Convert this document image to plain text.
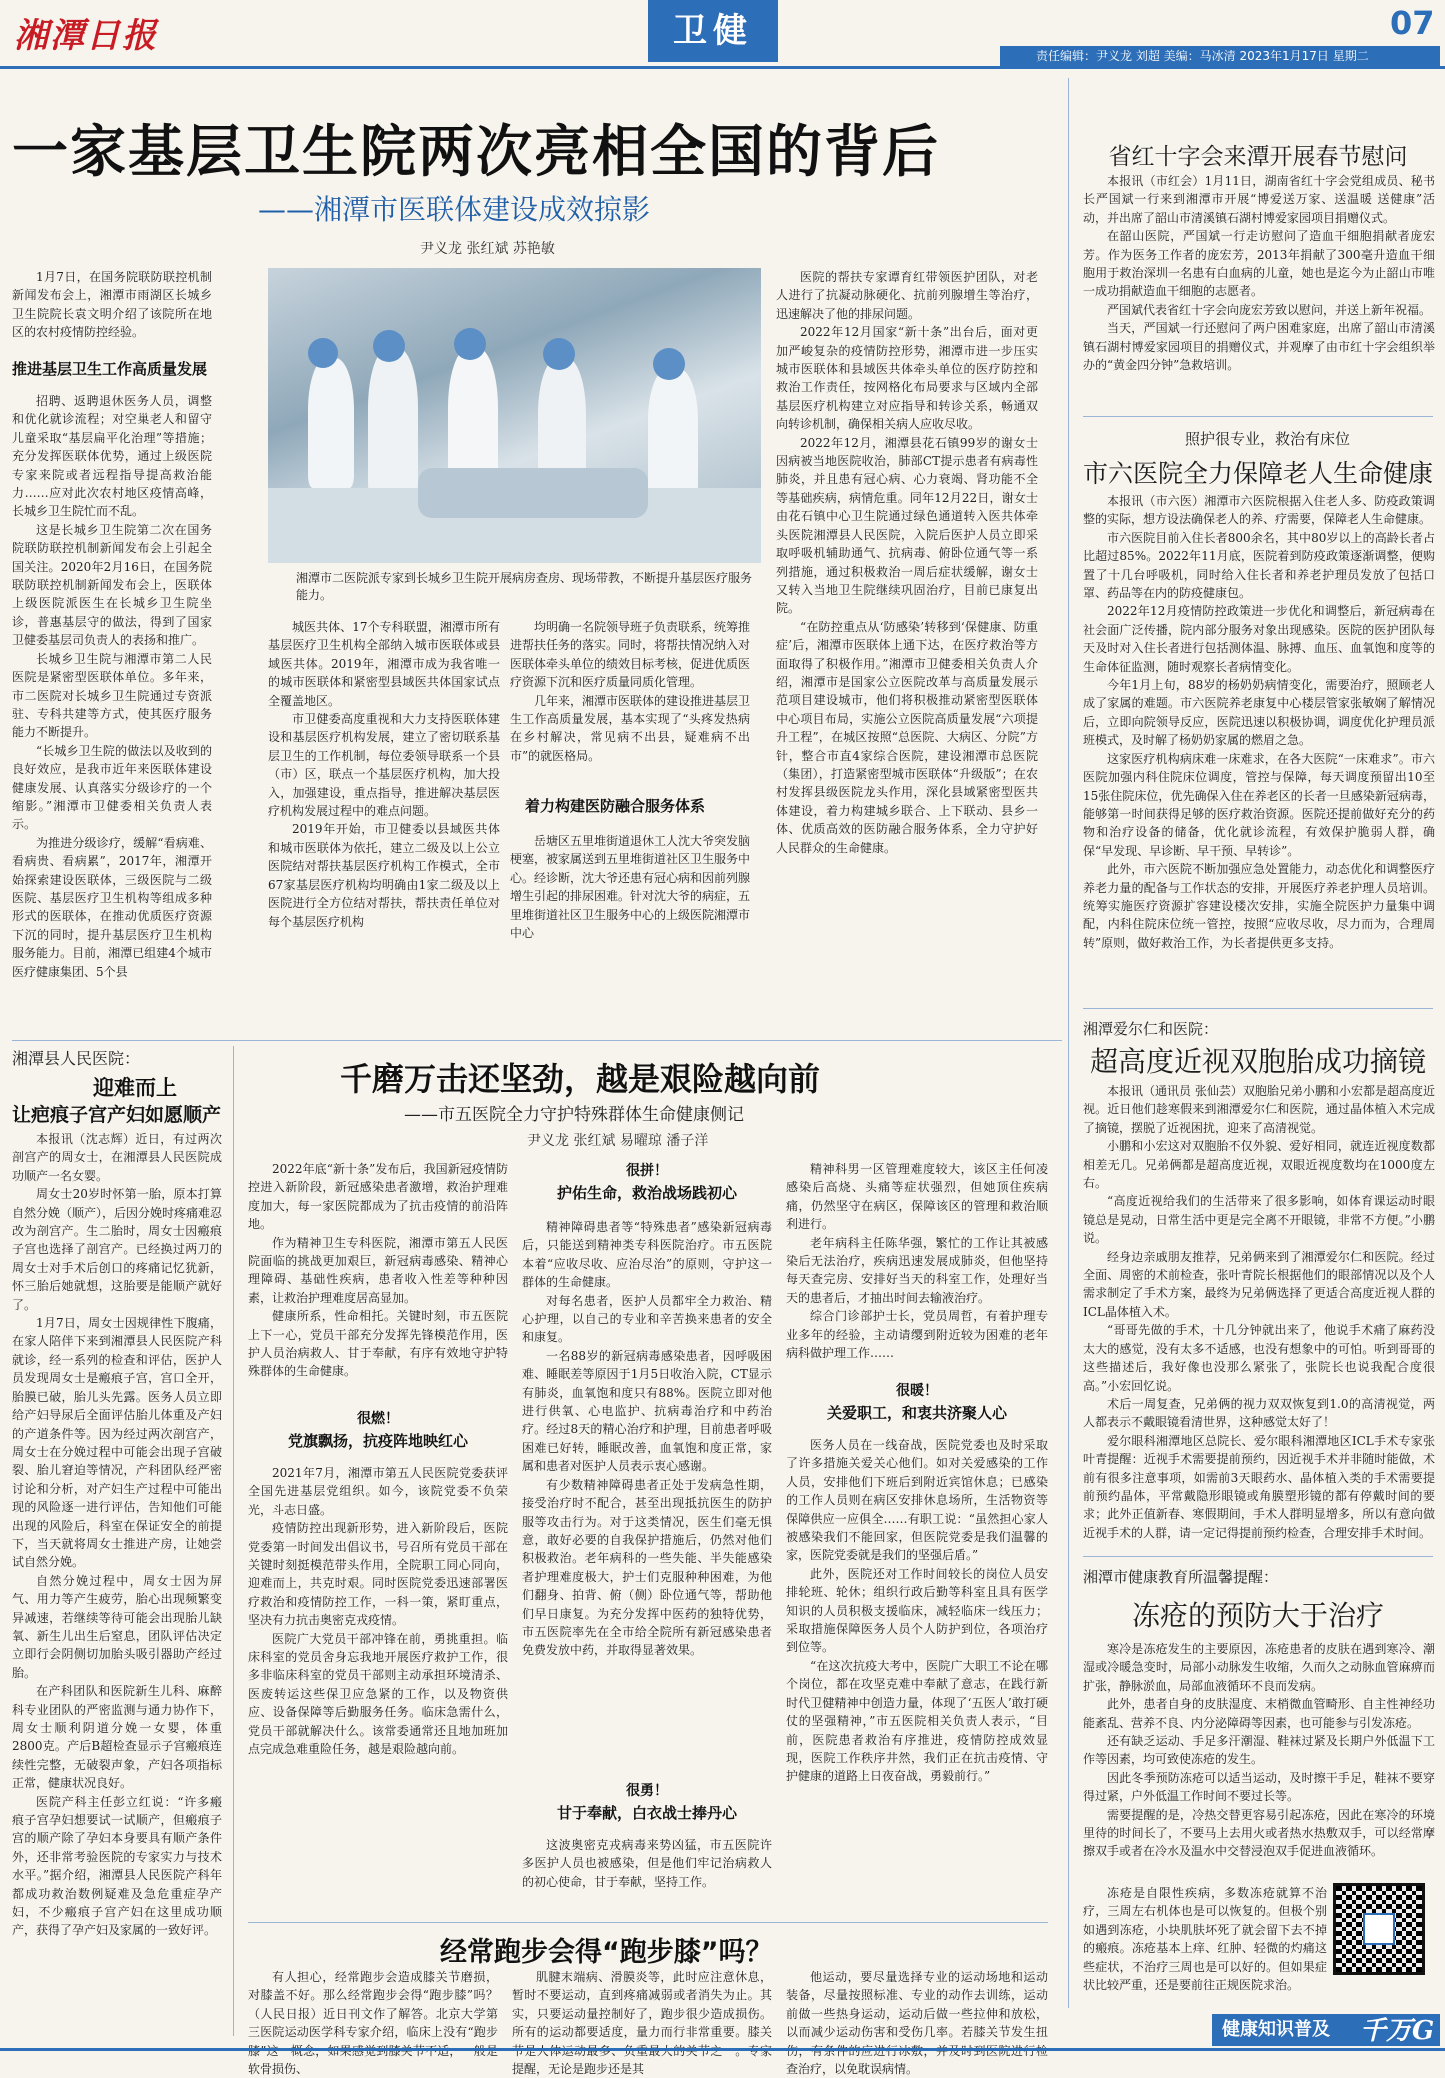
湘潭日报	卫健	07
责任编辑：尹义龙 刘超 美编：马冰清 2023年1月17日 星期二
一家基层卫生院两次亮相全国的背后
——湘潭市医联体建设成效掠影
尹义龙 张红斌 苏艳敏

1月7日，在国务院联防联控机制新闻发布会上，湘潭市雨湖区长城乡卫生院院长袁文明介绍了该院所在地区的农村疫情防控经验。

推进基层卫生工作高质量发展

招聘、返聘退休医务人员，调整和优化就诊流程；对空巢老人和留守儿童采取“基层扁平化治理”等措施；充分发挥医联体优势，通过上级医院专家来院或者远程指导提高救治能力……应对此次农村地区疫情高峰，长城乡卫生院忙而不乱。

这是长城乡卫生院第二次在国务院联防联控机制新闻发布会上引起全国关注。2020年2月16日，在国务院联防联控机制新闻发布会上，医联体上级医院派医生在长城乡卫生院坐诊，普惠基层守的做法，得到了国家卫健委基层司负责人的表扬和推广。

长城乡卫生院与湘潭市第二人民医院是紧密型医联体单位。多年来，市二医院对长城乡卫生院通过专资派驻、专科共建等方式，使其医疗服务能力不断提升。

“长城乡卫生院的做法以及收到的良好效应，是我市近年来医联体建设健康发展、认真落实分级诊疗的一个缩影。”湘潭市卫健委相关负责人表示。

为推进分级诊疗，缓解“看病难、看病贵、看病累”，2017年，湘潭开始探索建设医联体，三级医院与二级医院、基层医疗卫生机构等组成多种形式的医联体，在推动优质医疗资源下沉的同时，提升基层医疗卫生机构服务能力。目前，湘潭已组建4个城市医疗健康集团、5个县

湘潭市二医院派专家到长城乡卫生院开展病房查房、现场带教，不断提升基层医疗服务能力。

城医共体、17个专科联盟，湘潭市所有基层医疗卫生机构全部纳入城市医联体或县域医共体。2019年，湘潭市成为我省唯一的城市医联体和紧密型县域医共体国家试点全覆盖地区。

市卫健委高度重视和大力支持医联体建设和基层医疗机构发展，建立了密切联系基层卫生的工作机制，每位委领导联系一个县（市）区，联点一个基层医疗机构，加大投入，加强建设，重点指导，推进解决基层医疗机构发展过程中的难点问题。

2019年开始，市卫健委以县域医共体和城市医联体为依托，建立二级及以上公立医院结对帮扶基层医疗机构工作模式，全市67家基层医疗机构均明确由1家二级及以上医院进行全方位结对帮扶，帮扶责任单位对每个基层医疗机构

均明确一名院领导班子负责联系，统筹推进帮扶任务的落实。同时，将帮扶情况纳入对医联体牵头单位的绩效目标考核，促进优质医疗资源下沉和医疗质量同质化管理。

几年来，湘潭市医联体的建设推进基层卫生工作高质量发展，基本实现了“头疼发热病在乡村解决，常见病不出县，疑难病不出市”的就医格局。

着力构建医防融合服务体系

岳塘区五里堆街道退休工人沈大爷突发脑梗塞，被家属送到五里堆街道社区卫生服务中心。经诊断，沈大爷还患有冠心病和因前列腺增生引起的排尿困难。针对沈大爷的病症，五里堆街道社区卫生服务中心的上级医院湘潭市中心

医院的帮扶专家谭育红带领医护团队，对老人进行了抗凝动脉硬化、抗前列腺增生等治疗，迅速解决了他的排尿问题。

2022年12月国家“新十条”出台后，面对更加严峻复杂的疫情防控形势，湘潭市进一步压实城市医联体和县域医共体牵头单位的医疗防控和救治工作责任，按网格化布局要求与区域内全部基层医疗机构建立对应指导和转诊关系，畅通双向转诊机制，确保相关病人应收尽收。

2022年12月，湘潭县花石镇99岁的谢女士因病被当地医院收治，肺部CT提示患者有病毒性肺炎，并且患有冠心病、心力衰竭、肾功能不全等基础疾病，病情危重。同年12月22日，谢女士由花石镇中心卫生院通过绿色通道转入医共体牵头医院湘潭县人民医院，入院后医护人员立即采取呼吸机辅助通气、抗病毒、俯卧位通气等一系列措施，通过积极救治一周后症状缓解，谢女士又转入当地卫生院继续巩固治疗，目前已康复出院。

“在防控重点从‘防感染’转移到‘保健康、防重症’后，湘潭市医联体上通下达，在医疗救治等方面取得了积极作用。”湘潭市卫健委相关负责人介绍，湘潭市是国家公立医院改革与高质量发展示范项目建设城市，他们将积极推动紧密型医联体中心项目布局，实施公立医院高质量发展“六项提升工程”，在城区按照“总医院、大病区、分院”方针，整合市直4家综合医院，建设湘潭市总医院（集团），打造紧密型城市医联体“升级版”；在农村发挥县级医院龙头作用，深化县域紧密型医共体建设，着力构建城乡联合、上下联动、县乡一体、优质高效的医防融合服务体系，全力守护好人民群众的生命健康。

省红十字会来潭开展春节慰问

本报讯（市红会）1月11日，湖南省红十字会党组成员、秘书长严国斌一行来到湘潭市开展“博爱送万家、送温暖 送健康”活动，并出席了韶山市清溪镇石湖村博爱家园项目捐赠仪式。

在韶山医院，严国斌一行走访慰问了造血干细胞捐献者庞宏芳。作为医务工作者的庞宏芳，2013年捐献了300毫升造血干细胞用于救治深圳一名患有白血病的儿童，她也是迄今为止韶山市唯一成功捐献造血干细胞的志愿者。

严国斌代表省红十字会向庞宏芳致以慰问，并送上新年祝福。

当天，严国斌一行还慰问了两户困难家庭，出席了韶山市清溪镇石湖村博爱家园项目的捐赠仪式，并观摩了由市红十字会组织举办的“黄金四分钟”急救培训。

照护很专业，救治有床位
市六医院全力保障老人生命健康

本报讯（市六医）湘潭市六医院根据入住老人多、防疫政策调整的实际，想方设法确保老人的养、疗需要，保障老人生命健康。

市六医院目前入住长者800余名，其中80岁以上的高龄长者占比超过85%。2022年11月底，医院着到防疫政策逐渐调整，便购置了十几台呼吸机，同时给入住长者和养老护理员发放了包括口罩、药品等在内的防疫健康包。

2022年12月疫情防控政策进一步优化和调整后，新冠病毒在社会面广泛传播，院内部分服务对象出现感染。医院的医护团队每天及时对入住长者进行包括测体温、脉搏、血压、血氧饱和度等的生命体征监测，随时观察长者病情变化。

今年1月上旬，88岁的杨奶奶病情变化，需要治疗，照顾老人成了家属的难题。市六医院养老康复中心楼层管家张敏娴了解情况后，立即向院领导反应，医院迅速以积极协调，调度优化护理员派班模式，及时解了杨奶奶家属的燃眉之急。

这家医疗机构病床难一床难求，在各大医院“一床难求”。市六医院加强内科住院床位调度，管控与保障，每天调度预留出10至15张住院床位，优先确保入住在养老区的长者一旦感染新冠病毒，能够第一时间获得足够的医疗救治资源。医院还提前做好充分的药物和治疗设备的储备，优化就诊流程，有效保护脆弱人群，确保“早发现、早诊断、早干预、早转诊”。

此外，市六医院不断加强应急处置能力，动态优化和调整医疗养老力量的配备与工作状态的安排，开展医疗养老护理人员培训。统筹实施医疗资源扩容建设楼次安排，实施全院医护力量集中调配，内科住院床位统一管控，按照“应收尽收，尽力而为，合理周转”原则，做好救治工作，为长者提供更多支持。

湘潭爱尔仁和医院：
超高度近视双胞胎成功摘镜

本报讯（通讯员 张仙芸）双胞胎兄弟小鹏和小宏都是超高度近视。近日他们趁寒假来到湘潭爱尔仁和医院，通过晶体植入术完成了摘镜，摆脱了近视困扰，迎来了高清视觉。

小鹏和小宏这对双胞胎不仅外貌、爱好相同，就连近视度数都相差无几。兄弟俩都是超高度近视，双眼近视度数均在1000度左右。

“高度近视给我们的生活带来了很多影响，如体育课运动时眼镜总是晃动，日常生活中更是完全离不开眼镜，非常不方便。”小鹏说。

经身边亲戚朋友推荐，兄弟俩来到了湘潭爱尔仁和医院。经过全面、周密的术前检查，张叶青院长根据他们的眼部情况以及个人需求制定了手术方案，最终为兄弟俩选择了更适合高度近视人群的ICL晶体植入术。

“哥哥先做的手术，十几分钟就出来了，他说手术痛了麻药没太大的感觉，没有太多不适感，也没有想象中的可怕。听到哥哥的这些描述后，我好像也没那么紧张了，张院长也说我配合度很高。”小宏回忆说。

术后一周复查，兄弟俩的视力双双恢复到1.0的高清视觉，两人都表示不戴眼镜看清世界，这种感觉太好了！

爱尔眼科湘潭地区总院长、爱尔眼科湘潭地区ICL手术专家张叶青提醒：近视手术需要提前预约，因近视手术并非随时能做，术前有很多注意事项，如需前3天眼药水、晶体植入类的手术需要提前预约晶体，平常戴隐形眼镜或角膜塑形镜的都有停戴时间的要求；此外正值新春、寒假期间，手术人群明显增多，所以有意向做近视手术的人群，请一定记得提前预约检查，合理安排手术时间。

湘潭市健康教育所温馨提醒：
冻疮的预防大于治疗

寒冷是冻疮发生的主要原因，冻疮患者的皮肤在遇到寒冷、潮湿或冷暖急变时，局部小动脉发生收缩，久而久之动脉血管麻痹而扩张，静脉淤血，局部血液循环不良而发病。

此外，患者自身的皮肤湿度、末梢微血管畸形、自主性神经功能紊乱、营养不良、内分泌障碍等因素，也可能参与引发冻疮。

还有缺乏运动、手足多汗潮湿、鞋袜过紧及长期户外低温下工作等因素，均可致使冻疮的发生。

因此冬季预防冻疮可以适当运动，及时擦干手足，鞋袜不要穿得过紧，户外低温工作时间不要过长等。

需要提醒的是，冷热交替更容易引起冻疮，因此在寒冷的环境里待的时间长了，不要马上去用火或者热水热敷双手，可以经常摩擦双手或者在冷水及温水中交替浸泡双手促进血液循环。

冻疮是自限性疾病，多数冻疮就算不治疗，三周左右机体也是可以恢复的。但极个别如遇到冻疮，小块肌肤坏死了就会留下去不掉的瘢痕。冻疮基本上痒、红肿、轻微的灼痛这些症状，不治疗三周也是可以好的。但如果症状比较严重，还是要前往正规医院求治。

湘潭县人民医院：
迎难而上
让疤痕子宫产妇如愿顺产

本报讯（沈志辉）近日，有过两次剖宫产的周女士，在湘潭县人民医院成功顺产一名女婴。

周女士20岁时怀第一胎，原本打算自然分娩（顺产），后因分娩时疼痛难忍改为剖宫产。生二胎时，周女士因瘢痕子宫也选择了剖宫产。已经换过两刀的周女士对手术后创口的疼痛记忆犹新，怀三胎后她就想，这胎要是能顺产就好了。

1月7日，周女士因规律性下腹痛，在家人陪伴下来到湘潭县人民医院产科就诊，经一系列的检查和评估，医护人员发现周女士是瘢痕子宫，宫口全开，胎膜已破，胎儿头先露。医务人员立即给产妇导尿后全面评估胎儿体重及产妇的产道条件等。因为经过两次剖宫产，周女士在分娩过程中可能会出现子宫破裂、胎儿窘迫等情况，产科团队经严密讨论和分析，对产妇生产过程中可能出现的风险逐一进行评估，告知他们可能出现的风险后，科室在保证安全的前提下，当天就将周女士推进产房，让她尝试自然分娩。

自然分娩过程中，周女士因为屏气、用力等产生疲劳，胎心出现频繁变异减速，若继续等待可能会出现胎儿缺氧、新生儿出生后窒息，团队评估决定立即行会阴侧切加胎头吸引器助产经过胎。

在产科团队和医院新生儿科、麻醉科专业团队的严密监测与通力协作下，周女士顺利阴道分娩一女婴，体重2800克。产后B超检查显示子宫瘢痕连续性完整，无破裂声象，产妇各项指标正常，健康状况良好。

医院产科主任彭立红说：“许多瘢痕子宫孕妇想要试一试顺产，但瘢痕子宫的顺产除了孕妇本身要具有顺产条件外，还非常考验医院的专家实力与技术水平。”据介绍，湘潭县人民医院产科年都成功救治数例疑难及急危重症孕产妇，不少瘢痕子宫产妇在这里成功顺产，获得了孕产妇及家属的一致好评。

千磨万击还坚劲，越是艰险越向前
——市五医院全力守护特殊群体生命健康侧记
尹义龙 张红斌 易曜琼 潘子洋

2022年底“新十条”发布后，我国新冠疫情防控进入新阶段，新冠感染患者激增，救治护理难度加大，每一家医院都成为了抗击疫情的前沿阵地。

作为精神卫生专科医院，湘潭市第五人民医院面临的挑战更加艰巨，新冠病毒感染、精神心理障碍、基础性疾病，患者收入性差等种种因素，让救治护理难度居高显加。

健康所系，性命相托。关键时刻，市五医院上下一心，党员干部充分发挥先锋模范作用，医护人员治病救人、甘于奉献，有序有效地守护特殊群体的生命健康。

很燃！
党旗飘扬，抗疫阵地映红心

2021年7月，湘潭市第五人民医院党委获评全国先进基层党组织。如今，该院党委不负荣光，斗志日盛。

疫情防控出现新形势，进入新阶段后，医院党委第一时间发出倡议书，号召所有党员干部在关键时刻挺模范带头作用，全院职工同心同向，迎难而上，共克时艰。同时医院党委迅速部署医疗救治和疫情防控工作，一科一策，紧盯重点，坚决有力抗击奥密克戎疫情。

医院广大党员干部冲锋在前，勇挑重担。临床科室的党员舍身忘我地开展医疗救护工作，很多非临床科室的党员干部则主动承担环境清杀、医废转运这些保卫应急紧的工作，以及物资供应、设备保障等后勤服务任务。临床急需什么，党员干部就解决什么。该常委通常还且地加班加点完成急难重险任务，越是艰险越向前。

很拼！
护佑生命，救治战场践初心

精神障碍患者等“特殊患者”感染新冠病毒后，只能送到精神类专科医院治疗。市五医院本着“应收尽收、应治尽治”的原则，守护这一群体的生命健康。

对每名患者，医护人员都牢全力救治、精心护理，以自己的专业和辛苦换来患者的安全和康复。

一名88岁的新冠病毒感染患者，因呼吸困难、睡眠差等原因于1月5日收治入院，CT显示有肺炎，血氧饱和度只有88%。医院立即对他进行供氧、心电监护、抗病毒治疗和中药治疗。经过8天的精心治疗和护理，目前患者呼吸困难已好转，睡眠改善，血氧饱和度正常，家属和患者对医护人员表示衷心感谢。

有少数精神障碍患者正处于发病急性期，接受治疗时不配合，甚至出现抵抗医生的防护服等攻击行为。对于这类情况，医生们毫无惧意，敢好必要的自我保护措施后，仍然对他们积极救治。老年病科的一些失能、半失能感染者护理难度极大，护士们克服种种困难，为他们翻身、拍背、俯（侧）卧位通气等，帮助他们早日康复。为充分发挥中医药的独特优势，市五医院率先在全市给全院所有新冠感染患者免费发放中药，并取得显著效果。

很勇！
甘于奉献，白衣战士捧丹心

这波奥密克戎病毒来势凶猛，市五医院许多医护人员也被感染，但是他们牢记治病救人的初心使命，甘于奉献，坚持工作。

精神科男一区管理难度较大，该区主任何凌感染后高烧、头痛等症状强烈，但她顶住疾病痛，仍然坚守在病区，保障该区的管理和救治顺利进行。

老年病科主任陈华强，繁忙的工作让其被感染后无法治疗，疾病迅速发展成肺炎，但他坚持每天查完房、安排好当天的科室工作，处理好当天的患者后，才抽出时间去输液治疗。

综合门诊部护士长，党员周哲，有着护理专业多年的经验，主动请缨到附近较为困难的老年病科做护理工作……

很暖！
关爱职工，和衷共济聚人心

医务人员在一线奋战，医院党委也及时采取了许多措施关爱关心他们。如对关爱感染的工作人员，安排他们下班后到附近宾馆休息；已感染的工作人员则在病区安排休息场所，生活物资等保障供应一应俱全……有职工说：“虽然担心家人被感染我们不能回家，但医院党委是我们温馨的家，医院党委就是我们的坚强后盾。”

此外，医院还对工作时间较长的岗位人员安排轮班、轮休；组织行政后勤等科室且具有医学知识的人员积极支援临床，减轻临床一线压力；采取措施保障医务人员个人防护到位，各项治疗到位等。

“在这次抗疫大考中，医院广大职工不论在哪个岗位，都在攻坚克难中奉献了意志，在践行新时代卫健精神中创造力量，体现了‘五医人’敢打硬仗的坚强精神，”市五医院相关负责人表示，“目前，医院患者救治有序推进，疫情防控成效显现，医院工作秩序井然，我们正在抗击疫情、守护健康的道路上日夜奋战，勇毅前行。”

经常跑步会得“跑步膝”吗？

有人担心，经常跑步会造成膝关节磨损，对膝盖不好。那么经常跑步会得“跑步膝”吗？（人民日报）近日刊文作了解答。北京大学第三医院运动医学科专家介绍，临床上没有“跑步 软骨损伤、

肌腱末端病、滑膜炎等，此时应注意休息，暂时不要运动，直到疼痛减弱或者消失为止。其实，只要运动量控制好了，跑步很少造成损伤。所有的运动都要适度，量力而行非常重要。膝关 提醒，无论是跑步还是其

他运动，要尽量选择专业的运动场地和运动装备，尽量按照标准、专业的动作去训练，运动前做一些热身运动，运动后做一些拉伸和放松，以而减少运动伤害和受伤几率。若膝关节发生扭 查治疗，以免耽误病情。

健康知识普及	千万G
